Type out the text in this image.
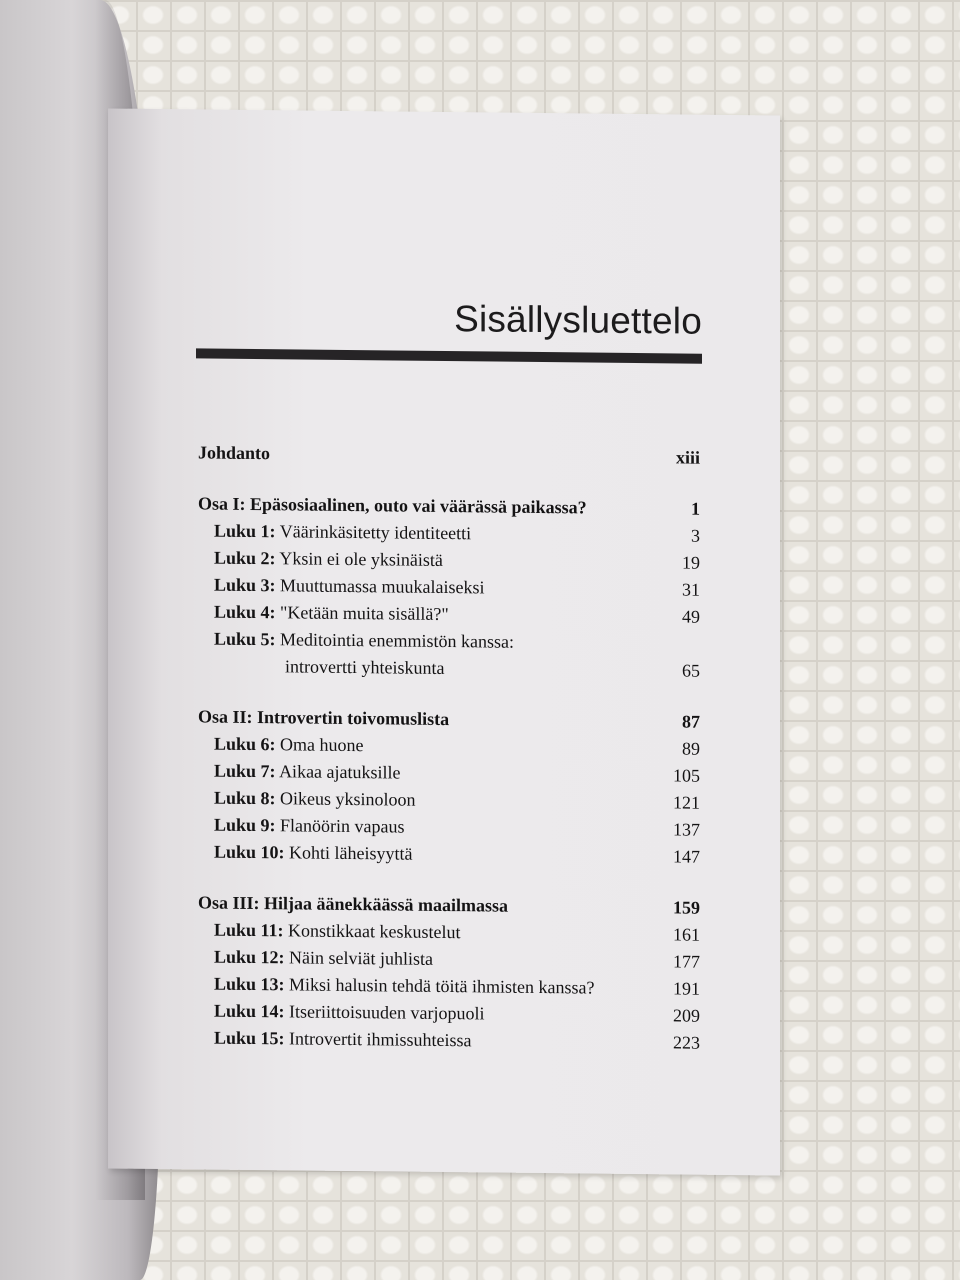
Sisällysluettelo
Johdanto	xiii
Osa I: Epäsosiaalinen, outo vai väärässä paikassa?	1
Luku 1: Väärinkäsitetty identiteetti	3
Luku 2: Yksin ei ole yksinäistä	19
Luku 3: Muuttumassa muukalaiseksi	31
Luku 4: "Ketään muita sisällä?"	49
Luku 5: Meditointia enemmistön kanssa:
introvertti yhteiskunta	65
Osa II: Introvertin toivomuslista	87
Luku 6: Oma huone	89
Luku 7: Aikaa ajatuksille	105
Luku 8: Oikeus yksinoloon	121
Luku 9: Flanöörin vapaus	137
Luku 10: Kohti läheisyyttä	147
Osa III: Hiljaa äänekkäässä maailmassa	159
Luku 11: Konstikkaat keskustelut	161
Luku 12: Näin selviät juhlista	177
Luku 13: Miksi halusin tehdä töitä ihmisten kanssa?	191
Luku 14: Itseriittoisuuden varjopuoli	209
Luku 15: Introvertit ihmissuhteissa	223
